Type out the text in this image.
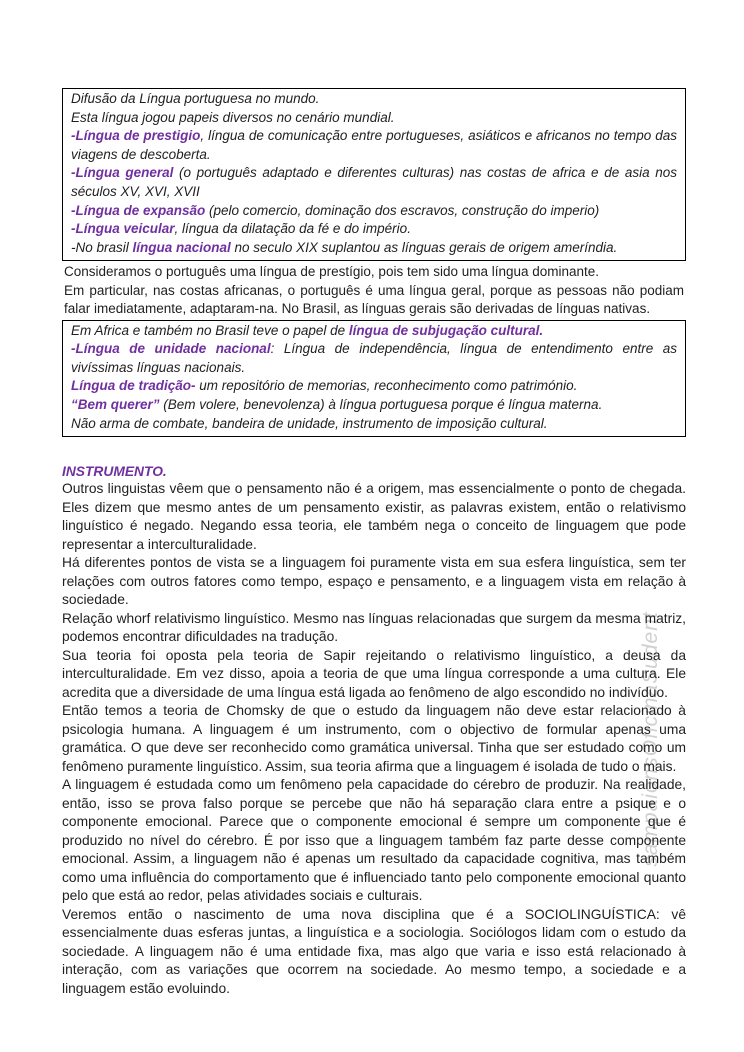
sampaionsOficinaSudent

Difusão da Língua portuguesa no mundo.

Esta língua jogou papeis diversos no cenário mundial.

-Língua de prestigio, língua de comunicação entre portugueses, asiáticos e africanos no tempo das viagens de descoberta.

-Língua general (o português adaptado e diferentes culturas) nas costas de africa e de asia nos séculos XV, XVI, XVII

-Língua de expansão (pelo comercio, dominação dos escravos, construção do imperio)

-Língua veicular, língua da dilatação da fé e do império.

-No brasil língua nacional no seculo XIX suplantou as línguas gerais de origem ameríndia.

Consideramos o português uma língua de prestígio, pois tem sido uma língua dominante.

Em particular, nas costas africanas, o português é uma língua geral, porque as pessoas não podiam falar imediatamente, adaptaram-na. No Brasil, as línguas gerais são derivadas de línguas nativas.

Em Africa e também no Brasil teve o papel de língua de subjugação cultural.

-Língua de unidade nacional: Língua de independência, língua de entendimento entre as vivíssimas línguas nacionais.

Língua de tradição- um repositório de memorias, reconhecimento como património.

“Bem querer” (Bem volere, benevolenza) à língua portuguesa porque é língua materna.

Não arma de combate, bandeira de unidade, instrumento de imposição cultural.

INSTRUMENTO.

Outros linguistas vêem que o pensamento não é a origem, mas essencialmente o ponto de chegada. Eles dizem que mesmo antes de um pensamento existir, as palavras existem, então o relativismo linguístico é negado. Negando essa teoria, ele também nega o conceito de linguagem que pode representar a interculturalidade.

Há diferentes pontos de vista se a linguagem foi puramente vista em sua esfera linguística, sem ter relações com outros fatores como tempo, espaço e pensamento, e a linguagem vista em relação à sociedade.

Relação whorf relativismo linguístico. Mesmo nas línguas relacionadas que surgem da mesma matriz, podemos encontrar dificuldades na tradução.

Sua teoria foi oposta pela teoria de Sapir rejeitando o relativismo linguístico, a deusa da interculturalidade. Em vez disso, apoia a teoria de que uma língua corresponde a uma cultura. Ele acredita que a diversidade de uma língua está ligada ao fenômeno de algo escondido no indivíduo.

Então temos a teoria de Chomsky de que o estudo da linguagem não deve estar relacionado à psicologia humana. A linguagem é um instrumento, com o objectivo de formular apenas uma gramática. O que deve ser reconhecido como gramática universal. Tinha que ser estudado como um fenômeno puramente linguístico. Assim, sua teoria afirma que a linguagem é isolada de tudo o mais.

A linguagem é estudada como um fenômeno pela capacidade do cérebro de produzir. Na realidade, então, isso se prova falso porque se percebe que não há separação clara entre a psique e o componente emocional. Parece que o componente emocional é sempre um componente que é produzido no nível do cérebro. É por isso que a linguagem também faz parte desse componente emocional. Assim, a linguagem não é apenas um resultado da capacidade cognitiva, mas também como uma influência do comportamento que é influenciado tanto pelo componente emocional quanto pelo que está ao redor, pelas atividades sociais e culturais.

Veremos então o nascimento de uma nova disciplina que é a SOCIOLINGUÍSTICA: vê essencialmente duas esferas juntas, a linguística e a sociologia. Sociólogos lidam com o estudo da sociedade. A linguagem não é uma entidade fixa, mas algo que varia e isso está relacionado à interação, com as variações que ocorrem na sociedade. Ao mesmo tempo, a sociedade e a linguagem estão evoluindo.
